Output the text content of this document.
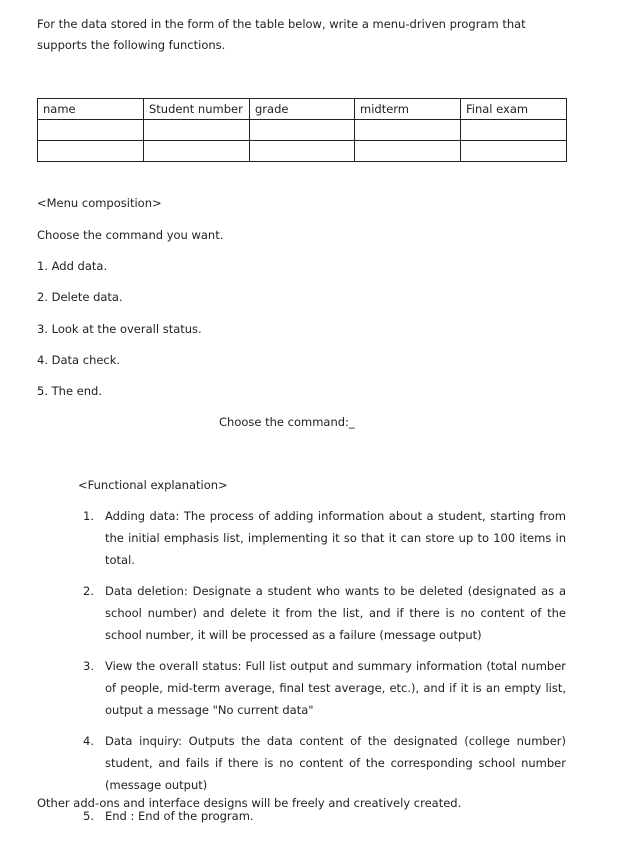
For the data stored in the form of the table below, write a menu-driven program that supports the following functions.

name	Student number	grade	midterm	Final exam

<Menu composition>

Choose the command you want.

1. Add data.

2. Delete data.

3. Look at the overall status.

4. Data check.

5. The end.

Choose the command:_

<Functional explanation>

1. Adding data: The process of adding information about a student, starting from the initial emphasis list, implementing it so that it can store up to 100 items in total.
2. Data deletion: Designate a student who wants to be deleted (designated as a school number) and delete it from the list, and if there is no content of the school number, it will be processed as a failure (message output)
3. View the overall status: Full list output and summary information (total number of people, mid-term average, final test average, etc.), and if it is an empty list, output a message "No current data"
4. Data inquiry: Outputs the data content of the designated (college number) student, and fails if there is no content of the corresponding school number (message output)
5. End : End of the program.

Other add-ons and interface designs will be freely and creatively created.
